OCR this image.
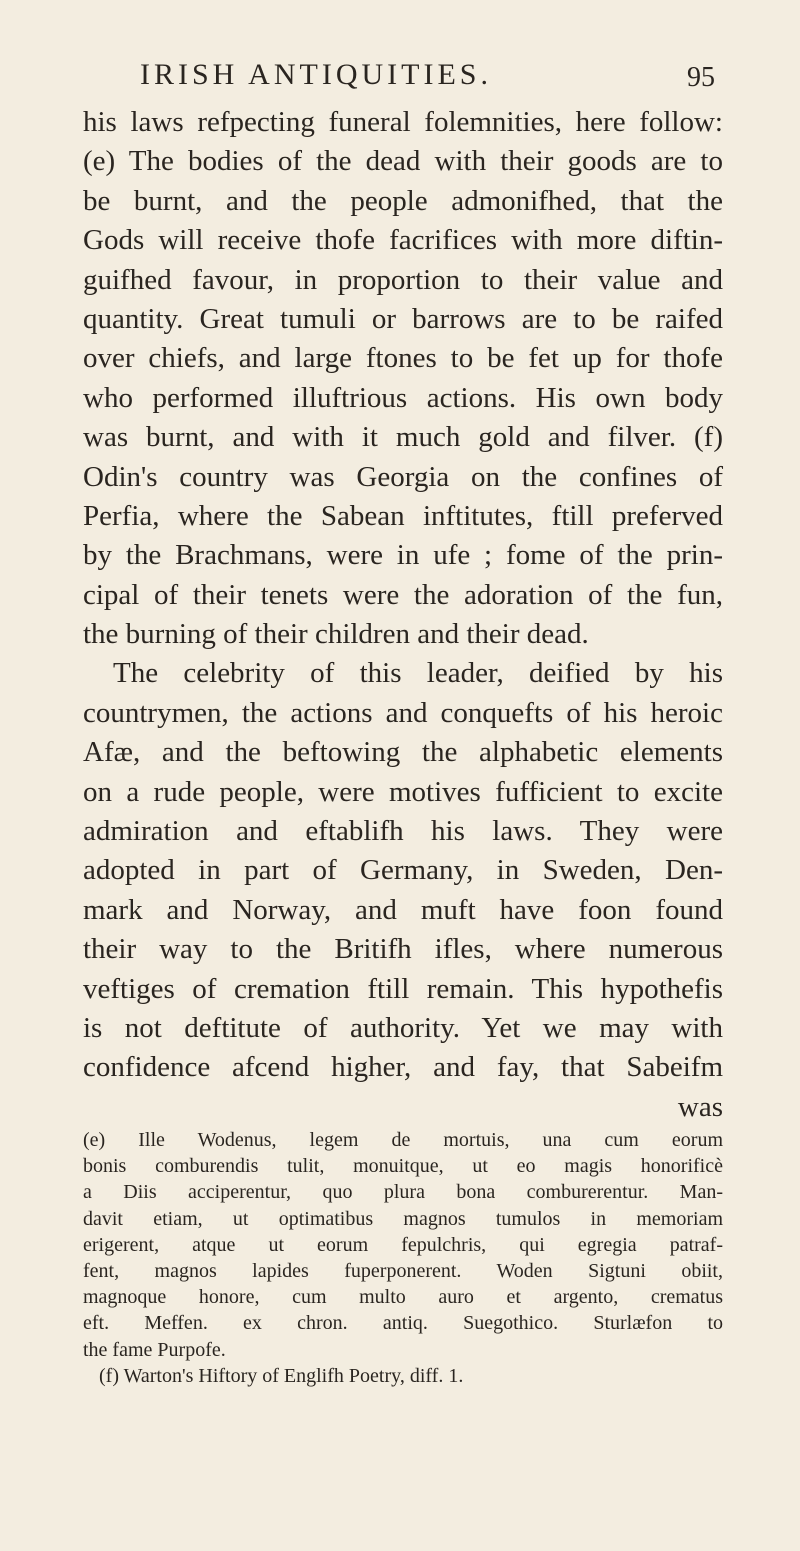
IRISH ANTIQUITIES.	95
his laws refpecting funeral folemnities, here follow:
(e) The bodies of the dead with their goods are to
be burnt, and the people admonifhed, that the
Gods will receive thofe facrifices with more diftin-
guifhed favour, in proportion to their value and
quantity. Great tumuli or barrows are to be raifed
over chiefs, and large ftones to be fet up for thofe
who performed illuftrious actions. His own body
was burnt, and with it much gold and filver. (f)
Odin's country was Georgia on the confines of
Perfia, where the Sabean inftitutes, ftill preferved
by the Brachmans, were in ufe ; fome of the prin-
cipal of their tenets were the adoration of the fun,
the burning of their children and their dead.
The celebrity of this leader, deified by his
countrymen, the actions and conquefts of his heroic
Afæ, and the beftowing the alphabetic elements
on a rude people, were motives fufficient to excite
admiration and eftablifh his laws. They were
adopted in part of Germany, in Sweden, Den-
mark and Norway, and muft have foon found
their way to the Britifh ifles, where numerous
veftiges of cremation ftill remain. This hypothefis
is not deftitute of authority. Yet we may with
confidence afcend higher, and fay, that Sabeifm
was
(e) Ille Wodenus, legem de mortuis, una cum eorum
bonis comburendis tulit, monuitque, ut eo magis honorificè
a Diis acciperentur, quo plura bona comburerentur. Man-
davit etiam, ut optimatibus magnos tumulos in memoriam
erigerent, atque ut eorum fepulchris, qui egregia patraf-
fent, magnos lapides fuperponerent. Woden Sigtuni obiit,
magnoque honore, cum multo auro et argento, crematus
eft. Meffen. ex chron. antiq. Suegothico. Sturlæfon to
the fame Purpofe.
(f) Warton's Hiftory of Englifh Poetry, diff. 1.
